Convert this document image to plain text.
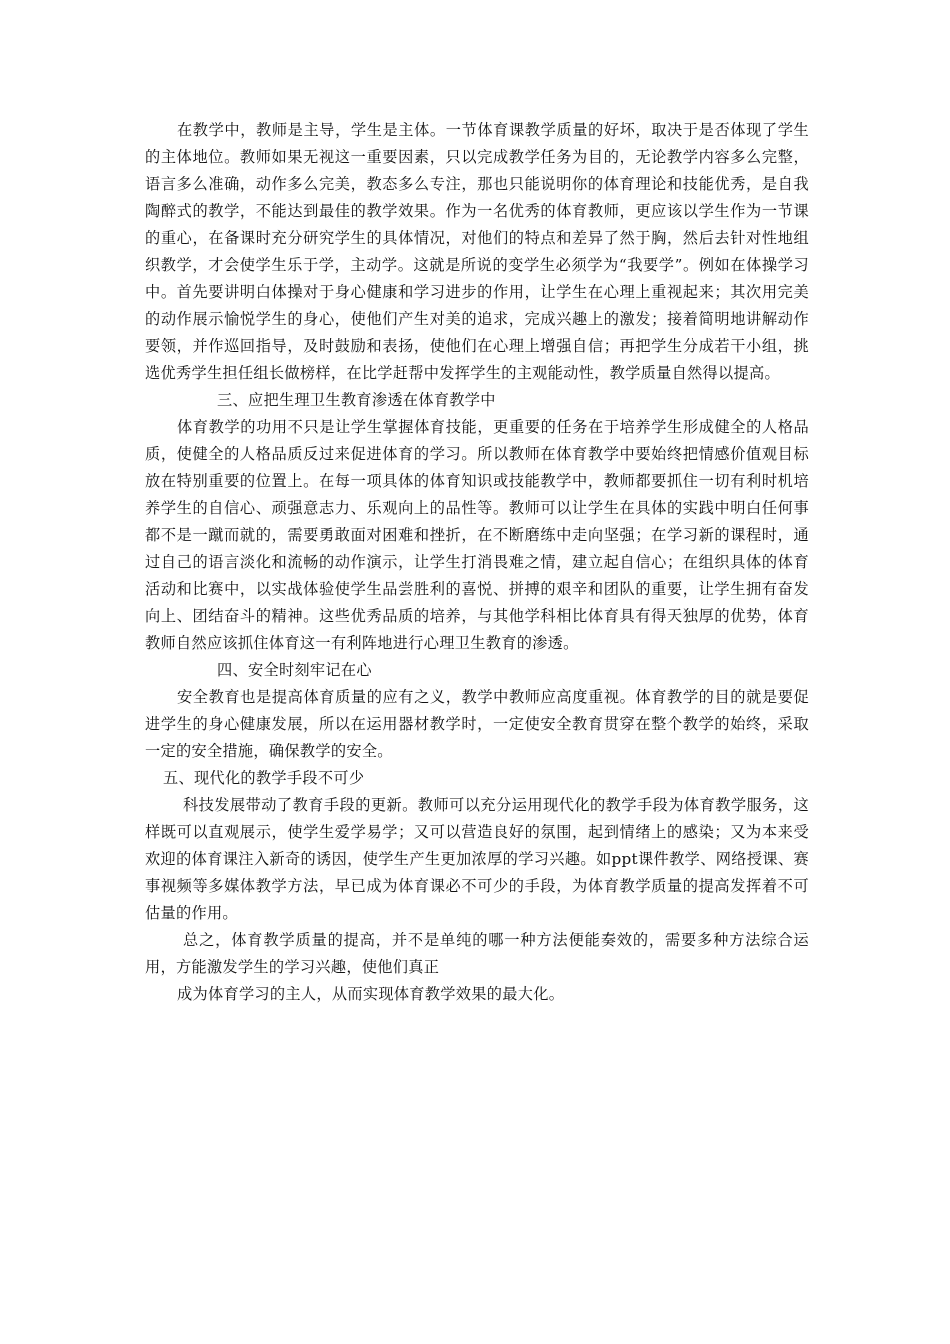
在教学中，教师是主导，学生是主体。一节体育课教学质量的好坏，取决于是否体现了学生的主体地位。教师如果无视这一重要因素，只以完成教学任务为目的，无论教学内容多么完整，语言多么准确，动作多么完美，教态多么专注，那也只能说明你的体育理论和技能优秀，是自我陶醉式的教学，不能达到最佳的教学效果。作为一名优秀的体育教师，更应该以学生作为一节课的重心，在备课时充分研究学生的具体情况，对他们的特点和差异了然于胸，然后去针对性地组织教学，才会使学生乐于学，主动学。这就是所说的变学生必须学为“我要学”。例如在体操学习中。首先要讲明白体操对于身心健康和学习进步的作用，让学生在心理上重视起来；其次用完美的动作展示愉悦学生的身心，使他们产生对美的追求，完成兴趣上的激发；接着简明地讲解动作要领，并作巡回指导，及时鼓励和表扬，使他们在心理上增强自信；再把学生分成若干小组，挑选优秀学生担任组长做榜样，在比学赶帮中发挥学生的主观能动性，教学质量自然得以提高。

三、应把生理卫生教育渗透在体育教学中

体育教学的功用不只是让学生掌握体育技能，更重要的任务在于培养学生形成健全的人格品质，使健全的人格品质反过来促进体育的学习。所以教师在体育教学中要始终把情感价值观目标放在特别重要的位置上。在每一项具体的体育知识或技能教学中，教师都要抓住一切有利时机培养学生的自信心、顽强意志力、乐观向上的品性等。教师可以让学生在具体的实践中明白任何事都不是一蹴而就的，需要勇敢面对困难和挫折，在不断磨练中走向坚强；在学习新的课程时，通过自己的语言淡化和流畅的动作演示，让学生打消畏难之情，建立起自信心；在组织具体的体育活动和比赛中，以实战体验使学生品尝胜利的喜悦、拼搏的艰辛和团队的重要，让学生拥有奋发向上、团结奋斗的精神。这些优秀品质的培养，与其他学科相比体育具有得天独厚的优势，体育教师自然应该抓住体育这一有利阵地进行心理卫生教育的渗透。

四、安全时刻牢记在心

安全教育也是提高体育质量的应有之义，教学中教师应高度重视。体育教学的目的就是要促进学生的身心健康发展，所以在运用器材教学时，一定使安全教育贯穿在整个教学的始终，采取一定的安全措施，确保教学的安全。

五、现代化的教学手段不可少

科技发展带动了教育手段的更新。教师可以充分运用现代化的教学手段为体育教学服务，这样既可以直观展示，使学生爱学易学；又可以营造良好的氛围，起到情绪上的感染；又为本来受欢迎的体育课注入新奇的诱因，使学生产生更加浓厚的学习兴趣。如ppt课件教学、网络授课、赛事视频等多媒体教学方法，早已成为体育课必不可少的手段，为体育教学质量的提高发挥着不可估量的作用。

总之，体育教学质量的提高，并不是单纯的哪一种方法便能奏效的，需要多种方法综合运用，方能激发学生的学习兴趣，使他们真正

成为体育学习的主人，从而实现体育教学效果的最大化。
